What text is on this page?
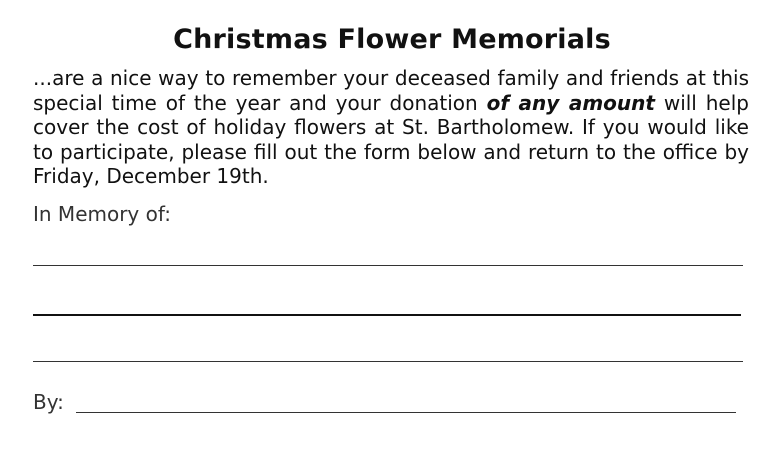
Christmas Flower Memorials
...are a nice way to remember your deceased family and friends at this special time of the year and your donation of any amount will help cover the cost of holiday flowers at St. Bartholomew. If you would like to participate, please fill out the form below and return to the office by Friday, December 19th.
In Memory of:
By:
